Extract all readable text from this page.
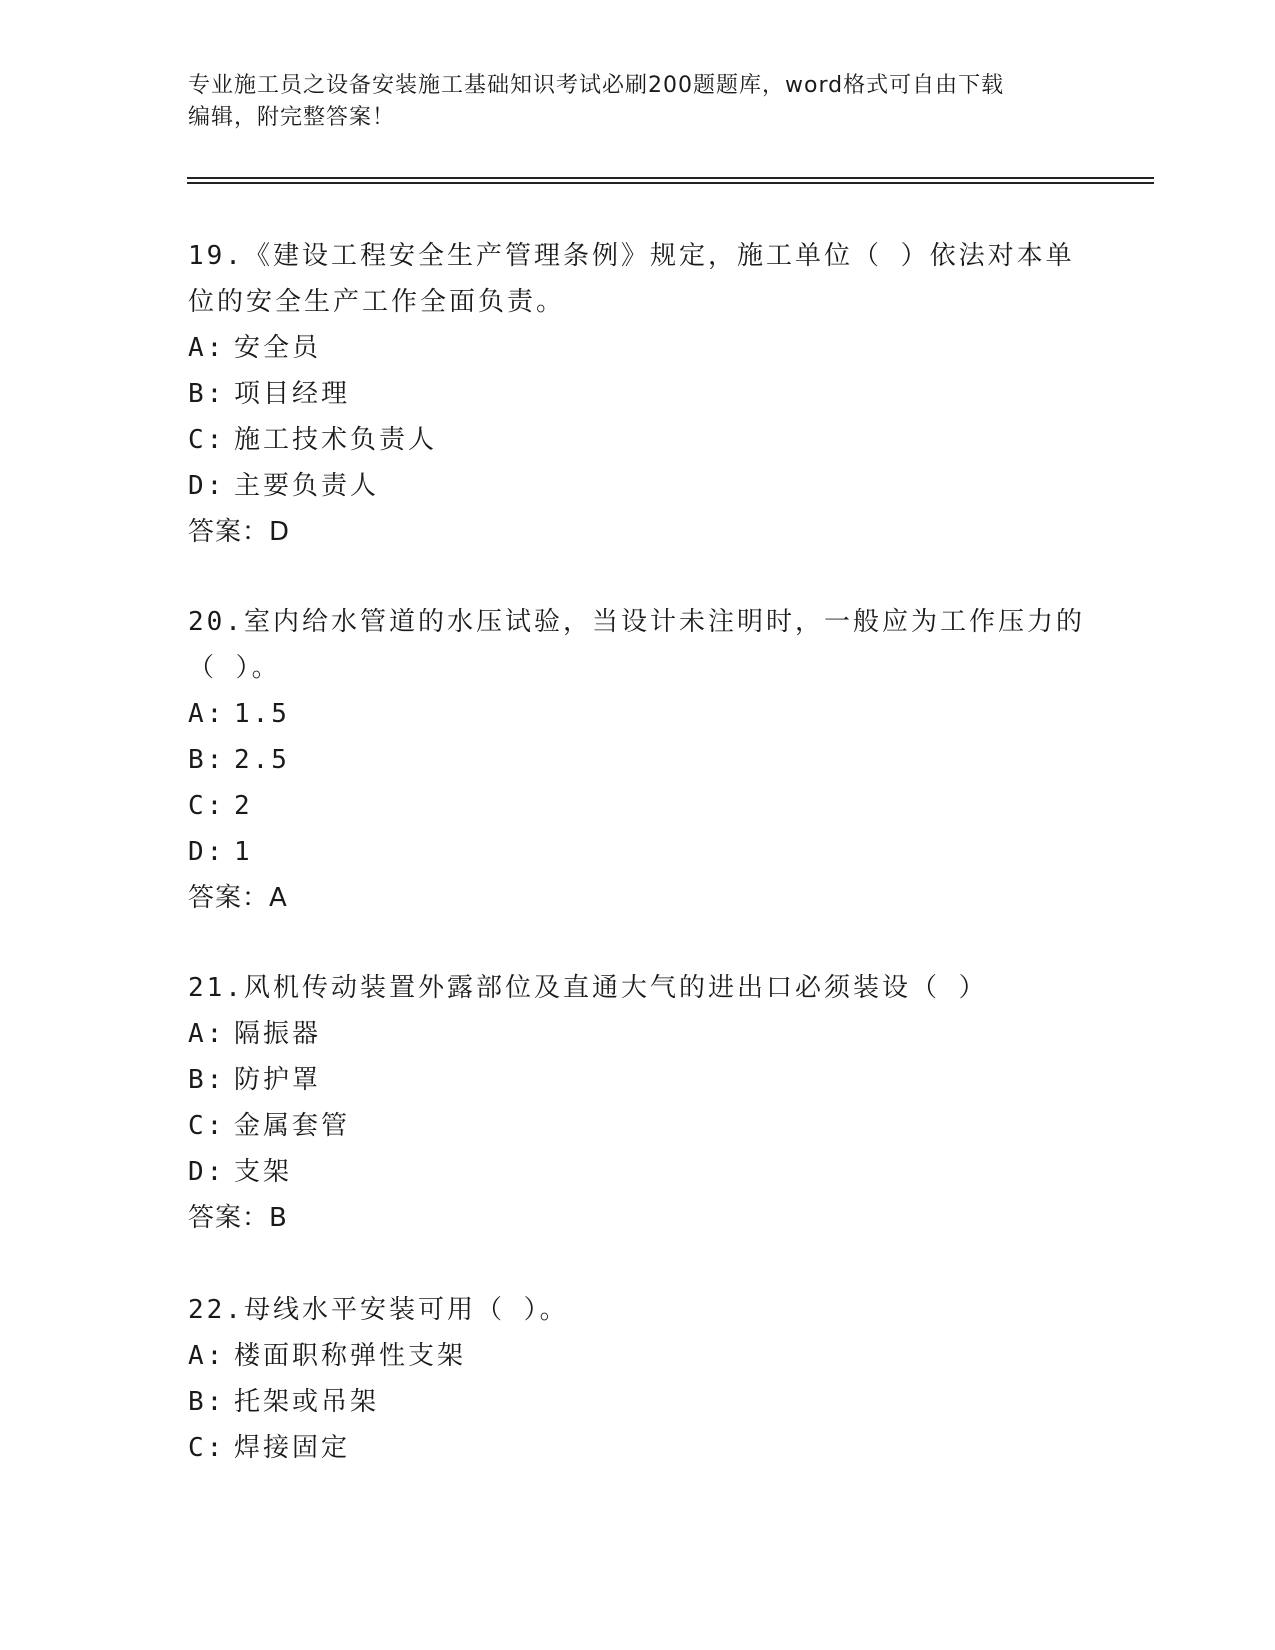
专业施工员之设备安装施工基础知识考试必刷200题题库，word格式可自由下载
编辑，附完整答案！
19.《建设工程安全生产管理条例》规定，施工单位（ ）依法对本单
位的安全生产工作全面负责。
A: 安全员
B: 项目经理
C: 施工技术负责人
D: 主要负责人
答案：D
20.室内给水管道的水压试验，当设计未注明时，一般应为工作压力的
（ ）。
A: 1.5
B: 2.5
C: 2
D: 1
答案：A
21.风机传动装置外露部位及直通大气的进出口必须装设（ ）
A: 隔振器
B: 防护罩
C: 金属套管
D: 支架
答案：B
22.母线水平安装可用（ ）。
A: 楼面职称弹性支架
B: 托架或吊架
C: 焊接固定
